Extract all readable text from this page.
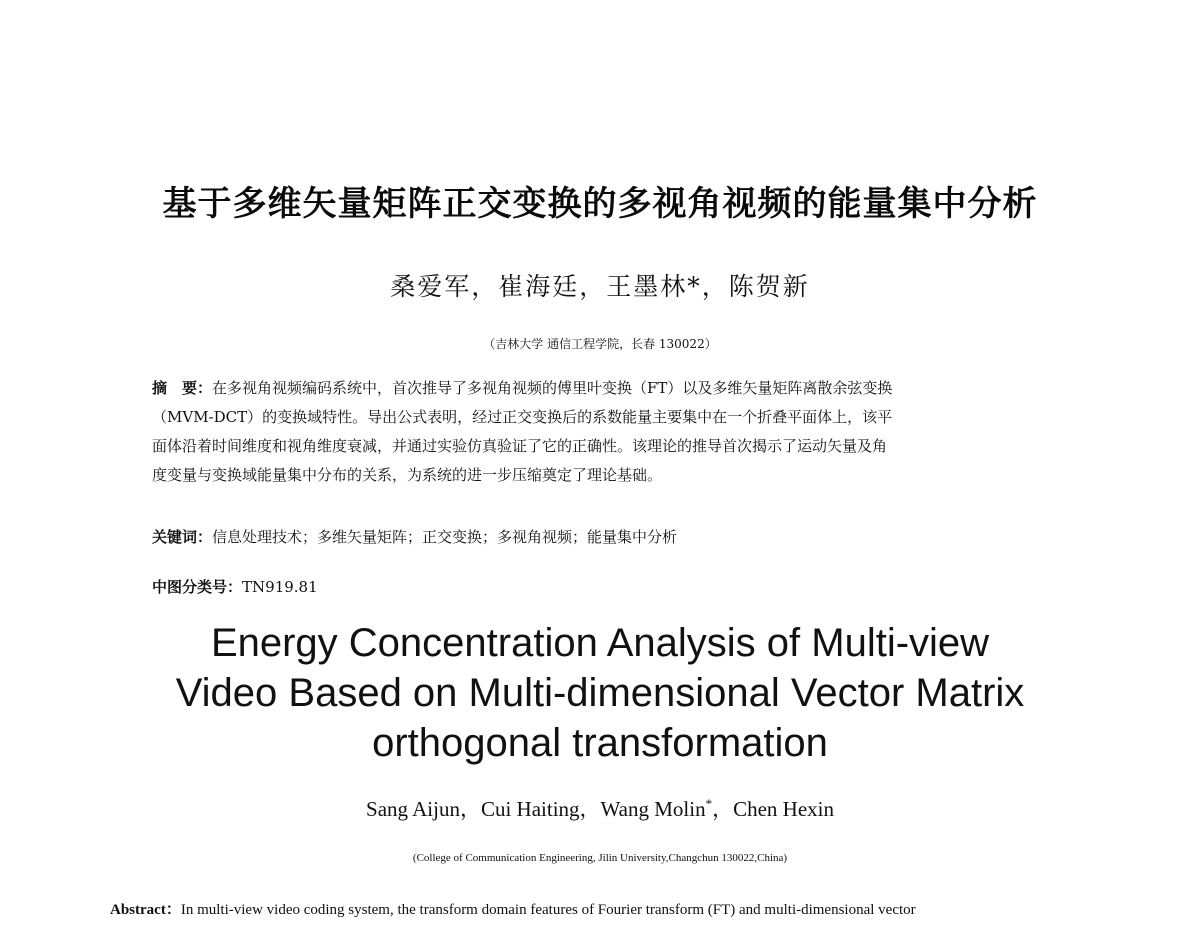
基于多维矢量矩阵正交变换的多视角视频的能量集中分析
桑爱军，崔海廷，王墨林*，陈贺新
（吉林大学 通信工程学院，长春 130022）
摘　要：在多视角视频编码系统中，首次推导了多视角视频的傅里叶变换（FT）以及多维矢量矩阵离散余弦变换
（MVM-DCT）的变换域特性。导出公式表明，经过正交变换后的系数能量主要集中在一个折叠平面体上，该平
面体沿着时间维度和视角维度衰减，并通过实验仿真验证了它的正确性。该理论的推导首次揭示了运动矢量及角
度变量与变换域能量集中分布的关系，为系统的进一步压缩奠定了理论基础。
关键词：信息处理技术；多维矢量矩阵；正交变换；多视角视频；能量集中分析
中图分类号：TN919.81
Energy Concentration Analysis of Multi-view
Video Based on Multi-dimensional Vector Matrix
orthogonal transformation
Sang Aijun，Cui Haiting，Wang Molin*，Chen Hexin
(College of Communication Engineering, Jilin University,Changchun 130022,China)
Abstract：In multi-view video coding system, the transform domain features of Fourier transform (FT) and multi-dimensional vector
